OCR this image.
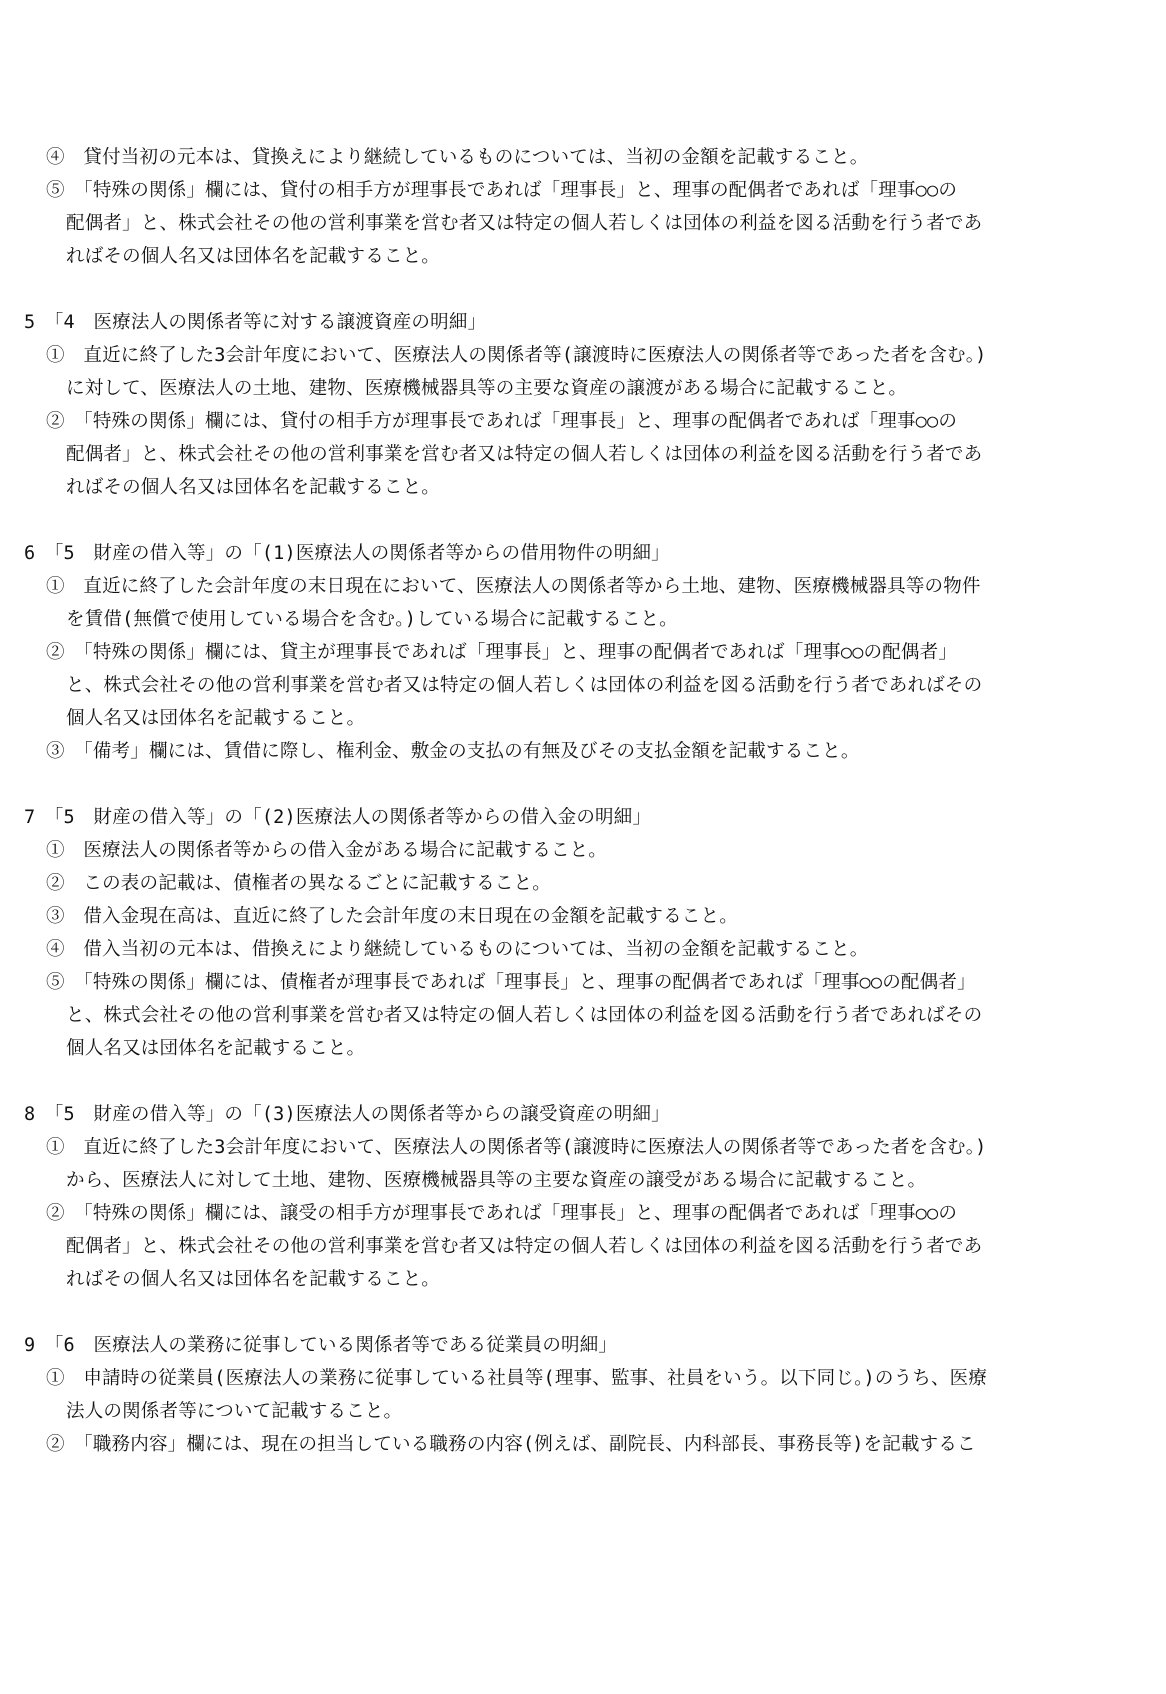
④　貸付当初の元本は、貸換えにより継続しているものについては、当初の金額を記載すること。
⑤　「特殊の関係」欄には、貸付の相手方が理事長であれば「理事長」と、理事の配偶者であれば「理事○○の
配偶者」と、株式会社その他の営利事業を営む者又は特定の個人若しくは団体の利益を図る活動を行う者であ
ればその個人名又は団体名を記載すること。
5　「4　医療法人の関係者等に対する譲渡資産の明細」
①　直近に終了した3会計年度において、医療法人の関係者等(譲渡時に医療法人の関係者等であった者を含む。)
に対して、医療法人の土地、建物、医療機械器具等の主要な資産の譲渡がある場合に記載すること。
②　「特殊の関係」欄には、貸付の相手方が理事長であれば「理事長」と、理事の配偶者であれば「理事○○の
配偶者」と、株式会社その他の営利事業を営む者又は特定の個人若しくは団体の利益を図る活動を行う者であ
ればその個人名又は団体名を記載すること。
6　「5　財産の借入等」の「(1)医療法人の関係者等からの借用物件の明細」
①　直近に終了した会計年度の末日現在において、医療法人の関係者等から土地、建物、医療機械器具等の物件
を賃借(無償で使用している場合を含む。)している場合に記載すること。
②　「特殊の関係」欄には、貸主が理事長であれば「理事長」と、理事の配偶者であれば「理事○○の配偶者」
と、株式会社その他の営利事業を営む者又は特定の個人若しくは団体の利益を図る活動を行う者であればその
個人名又は団体名を記載すること。
③　「備考」欄には、賃借に際し、権利金、敷金の支払の有無及びその支払金額を記載すること。
7　「5　財産の借入等」の「(2)医療法人の関係者等からの借入金の明細」
①　医療法人の関係者等からの借入金がある場合に記載すること。
②　この表の記載は、債権者の異なるごとに記載すること。
③　借入金現在高は、直近に終了した会計年度の末日現在の金額を記載すること。
④　借入当初の元本は、借換えにより継続しているものについては、当初の金額を記載すること。
⑤　「特殊の関係」欄には、債権者が理事長であれば「理事長」と、理事の配偶者であれば「理事○○の配偶者」
と、株式会社その他の営利事業を営む者又は特定の個人若しくは団体の利益を図る活動を行う者であればその
個人名又は団体名を記載すること。
8　「5　財産の借入等」の「(3)医療法人の関係者等からの譲受資産の明細」
①　直近に終了した3会計年度において、医療法人の関係者等(譲渡時に医療法人の関係者等であった者を含む。)
から、医療法人に対して土地、建物、医療機械器具等の主要な資産の譲受がある場合に記載すること。
②　「特殊の関係」欄には、譲受の相手方が理事長であれば「理事長」と、理事の配偶者であれば「理事○○の
配偶者」と、株式会社その他の営利事業を営む者又は特定の個人若しくは団体の利益を図る活動を行う者であ
ればその個人名又は団体名を記載すること。
9　「6　医療法人の業務に従事している関係者等である従業員の明細」
①　申請時の従業員(医療法人の業務に従事している社員等(理事、監事、社員をいう。以下同じ。)のうち、医療
法人の関係者等について記載すること。
②　「職務内容」欄には、現在の担当している職務の内容(例えば、副院長、内科部長、事務長等)を記載するこ
